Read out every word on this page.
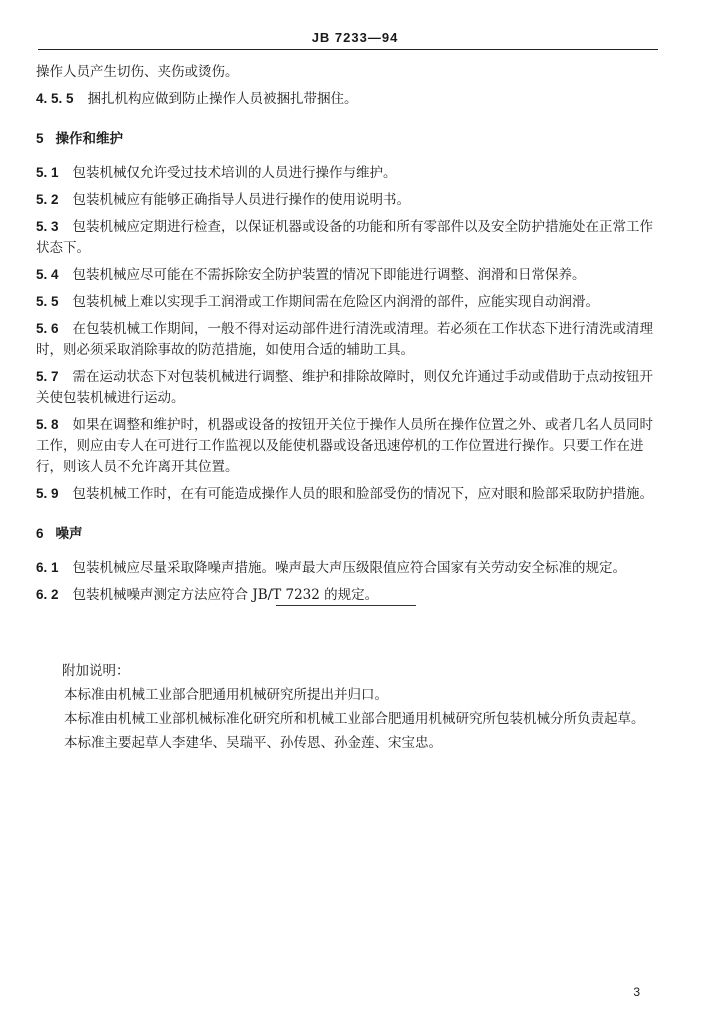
JB 7233—94
操作人员产生切伤、夹伤或烫伤。
4. 5. 5 捆扎机构应做到防止操作人员被捆扎带捆住。
5 操作和维护
5. 1 包装机械仅允许受过技术培训的人员进行操作与维护。
5. 2 包装机械应有能够正确指导人员进行操作的使用说明书。
5. 3 包装机械应定期进行检查，以保证机器或设备的功能和所有零部件以及安全防护措施处在正常工作状态下。
5. 4 包装机械应尽可能在不需拆除安全防护装置的情况下即能进行调整、润滑和日常保养。
5. 5 包装机械上难以实现手工润滑或工作期间需在危险区内润滑的部件，应能实现自动润滑。
5. 6 在包装机械工作期间，一般不得对运动部件进行清洗或清理。若必须在工作状态下进行清洗或清理时，则必须采取消除事故的防范措施，如使用合适的辅助工具。
5. 7 需在运动状态下对包装机械进行调整、维护和排除故障时，则仅允许通过手动或借助于点动按钮开关使包装机械进行运动。
5. 8 如果在调整和维护时，机器或设备的按钮开关位于操作人员所在操作位置之外、或者几名人员同时工作，则应由专人在可进行工作监视以及能使机器或设备迅速停机的工作位置进行操作。只要工作在进行，则该人员不允许离开其位置。
5. 9 包装机械工作时，在有可能造成操作人员的眼和脸部受伤的情况下，应对眼和脸部采取防护措施。
6 噪声
6. 1 包装机械应尽量采取降噪声措施。噪声最大声压级限值应符合国家有关劳动安全标准的规定。
6. 2 包装机械噪声测定方法应符合 JB/T 7232 的规定。
附加说明：
本标准由机械工业部合肥通用机械研究所提出并归口。
本标准由机械工业部机械标准化研究所和机械工业部合肥通用机械研究所包装机械分所负责起草。
本标准主要起草人李建华、吴瑞平、孙传恩、孙金莲、宋宝忠。
3
